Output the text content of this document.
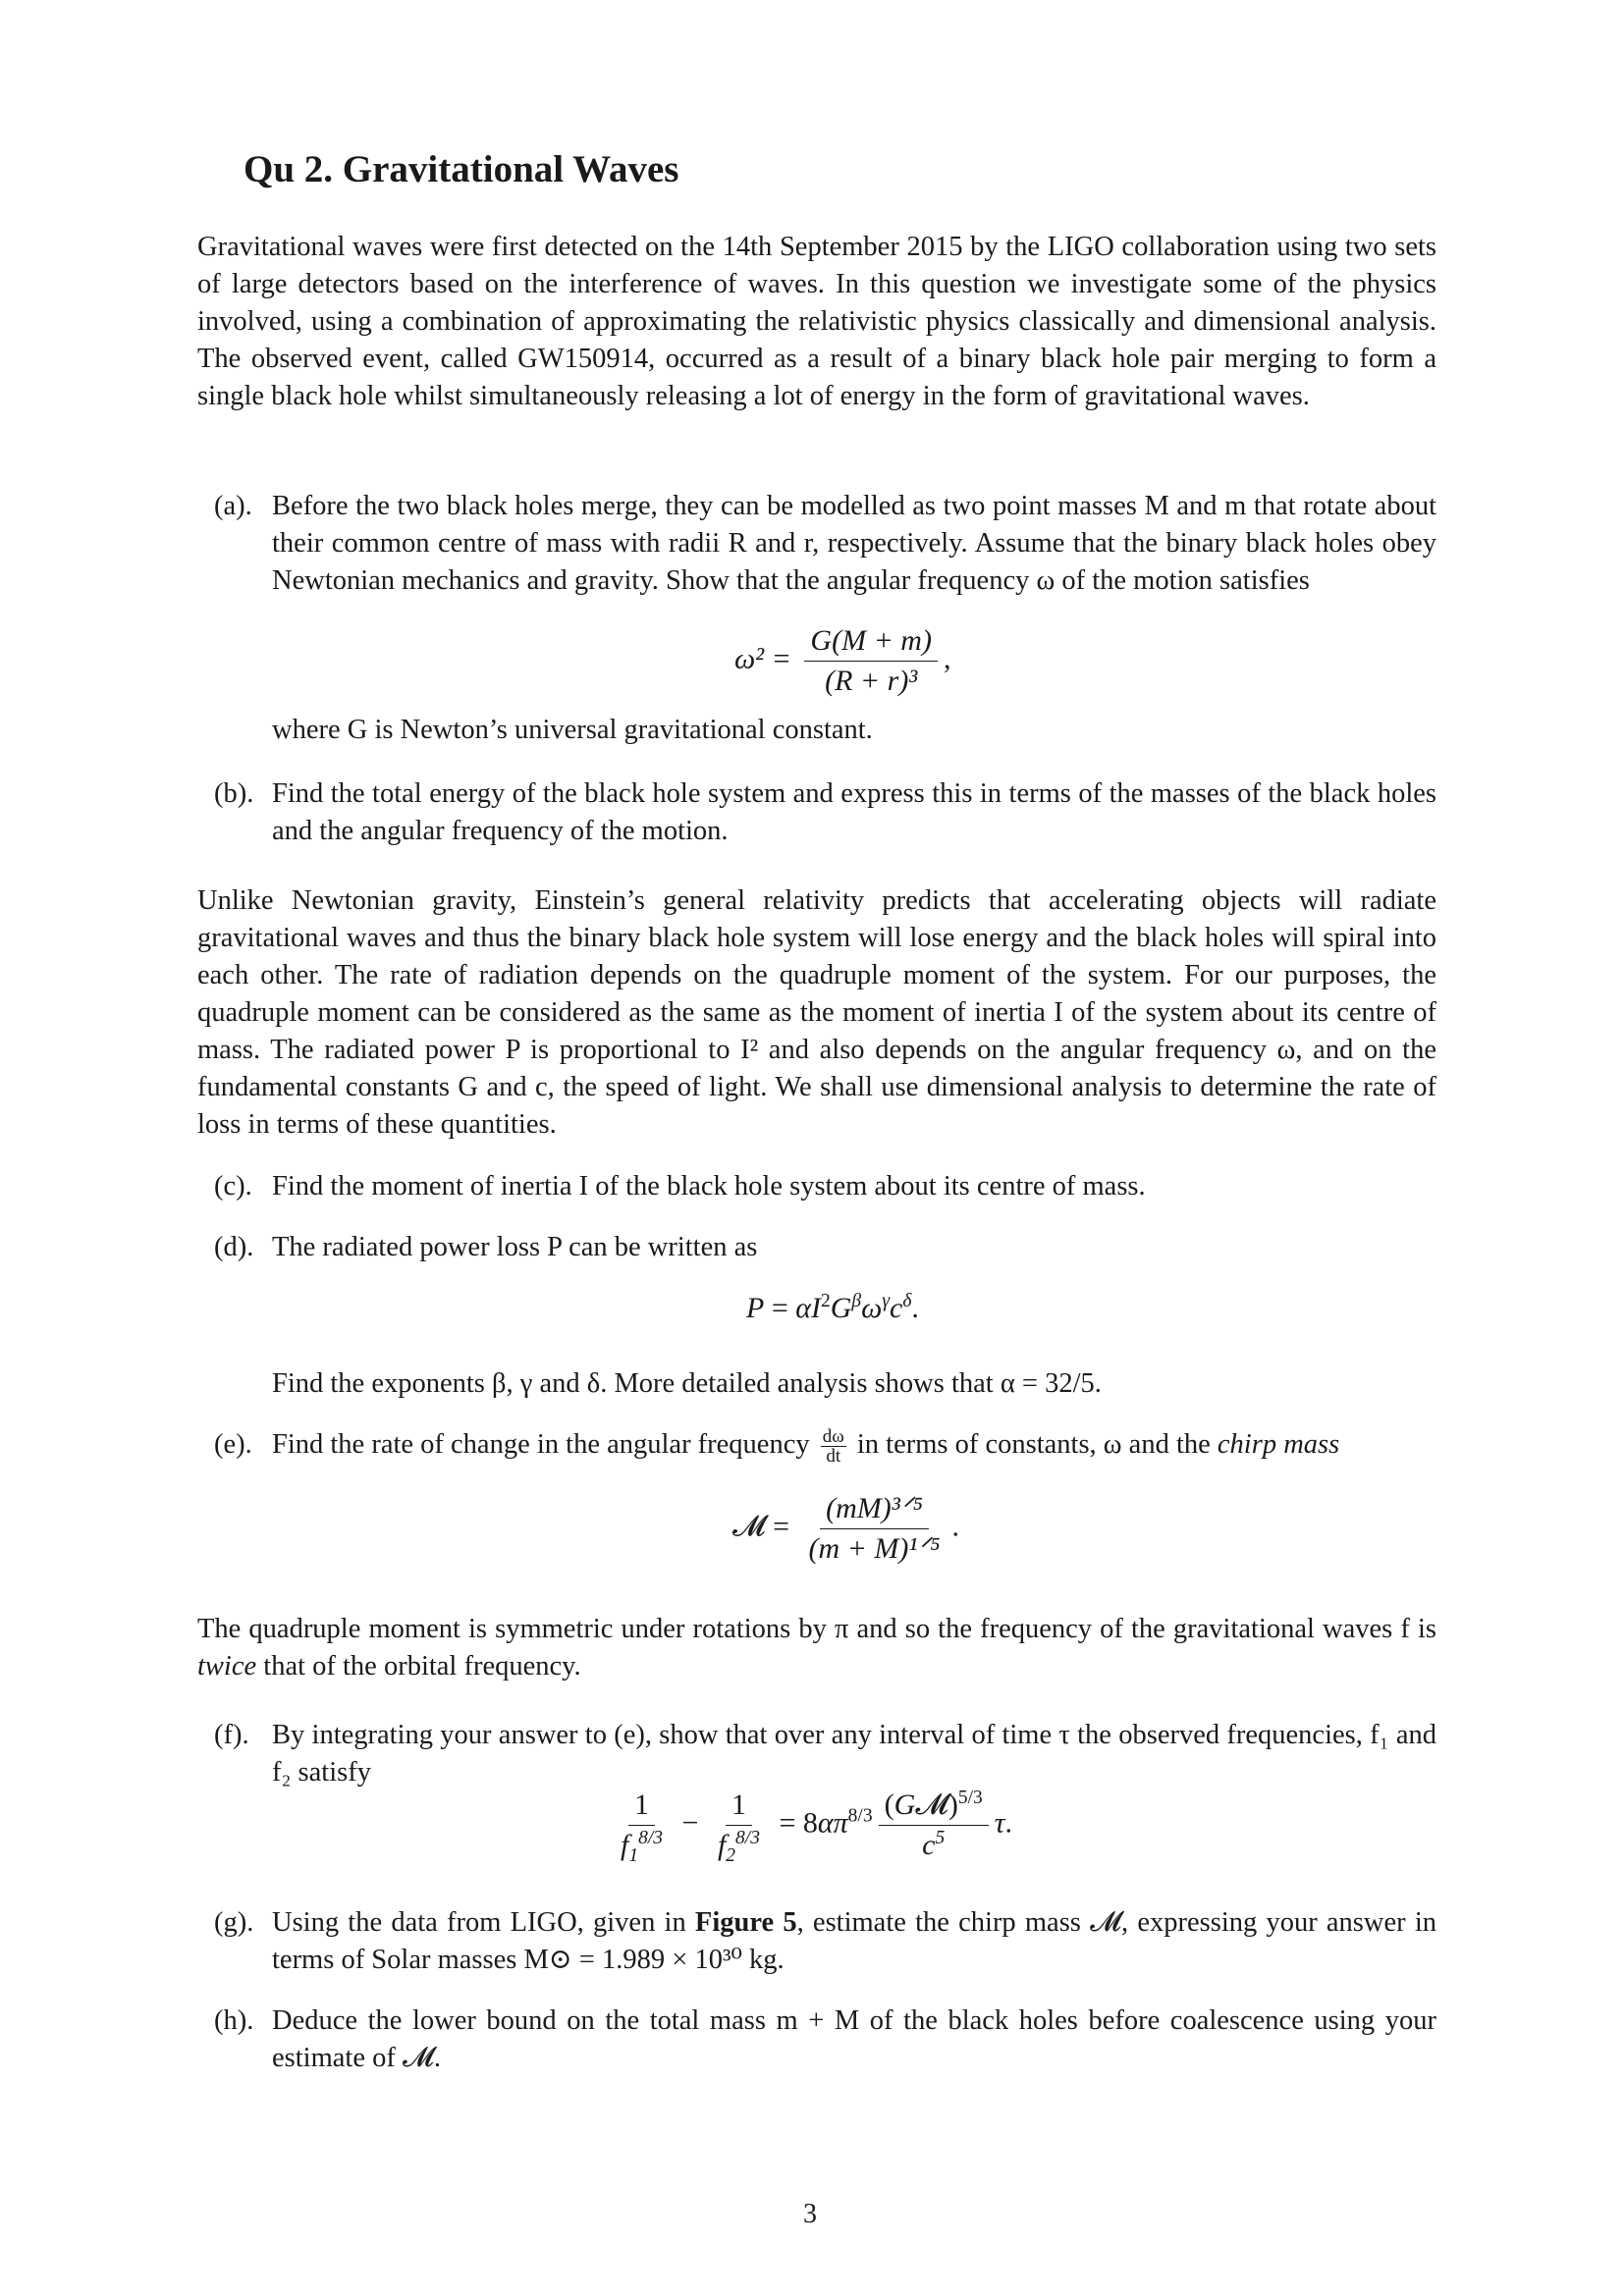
Qu 2. Gravitational Waves

Gravitational waves were first detected on the 14th September 2015 by the LIGO collaboration using two sets of large detectors based on the interference of waves. In this question we investigate some of the physics involved, using a combination of approximating the relativistic physics classically and dimensional analysis. The observed event, called GW150914, occurred as a result of a binary black hole pair merging to form a single black hole whilst simultaneously releasing a lot of energy in the form of gravitational waves.

(a). Before the two black holes merge, they can be modelled as two point masses M and m that rotate about their common centre of mass with radii R and r, respectively. Assume that the binary black holes obey Newtonian mechanics and gravity. Show that the angular frequency ω of the motion satisfies
$\omega^2 = \frac{G(M + m)}{\text{(R + r)³}}$ ,
where G is Newton’s universal gravitational constant.
(b). Find the total energy of the black hole system and express this in terms of the masses of the black holes and the angular frequency of the motion.

Unlike Newtonian gravity, Einstein’s general relativity predicts that accelerating objects will radiate gravitational waves and thus the binary black hole system will lose energy and the black holes will spiral into each other. The rate of radiation depends on the quadruple moment of the system. For our purposes, the quadruple moment can be considered as the same as the moment of inertia I of the system about its centre of mass. The radiated power P is proportional to I² and also depends on the angular frequency ω, and on the fundamental constants G and c, the speed of light. We shall use dimensional analysis to determine the rate of loss in terms of these quantities.

(c). Find the moment of inertia I of the black hole system about its centre of mass.
(d). The radiated power loss P can be written as
$P = \alpha I^2G^\beta\omega^\gamma c^\delta$.
Find the exponents β, γ and δ. More detailed analysis shows that α = 32/5.
(e). Find the rate of change in the angular frequency $\frac{d\omega}{dt}$ in terms of constants, ω and the chirp mass
𝓜 = $\frac{\text{(mM)³ᐟ⁵}}{\text{(m + M)¹ᐟ⁵}}$ .

The quadruple moment is symmetric under rotations by π and so the frequency of the gravitational waves f is twice that of the orbital frequency.

(f). By integrating your answer to (e), show that over any interval of time τ the observed frequencies, f₁ and f₂ satisfy
$\frac{1}{f_1^{8/3}} - \frac{1}{f_2^{8/3}} = 8\alpha\pi^{8/3} \frac{(G𝓜)^{5/3}}{c^5} \tau$.
(g). Using the data from LIGO, given in Figure 5, estimate the chirp mass 𝓜, expressing your answer in terms of Solar masses M⊙ = 1.989 × 10³⁰ kg.
(h). Deduce the lower bound on the total mass m + M of the black holes before coalescence using your estimate of 𝓜.
3
